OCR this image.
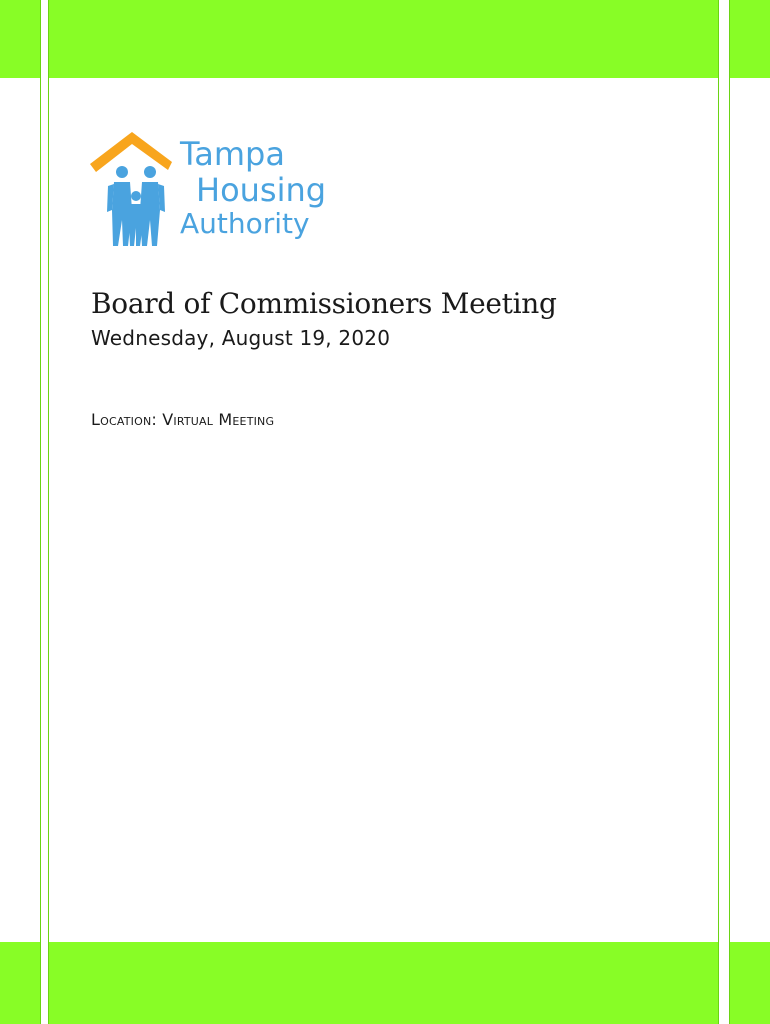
Tampa
Housing
Authority
Board of Commissioners Meeting

Wednesday, August 19, 2020

Location: Virtual Meeting
